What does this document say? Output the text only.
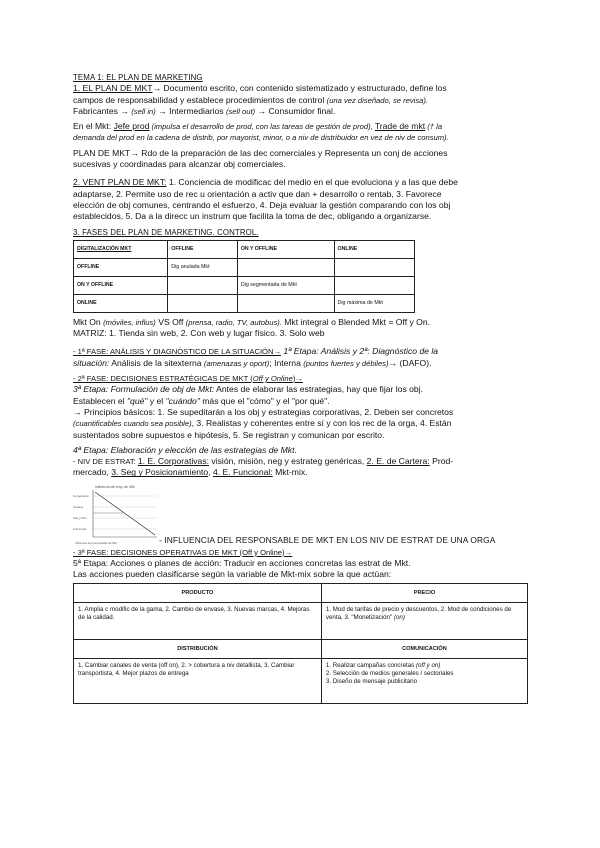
TEMA 1: EL PLAN DE MARKETING

1. EL PLAN DE MKT→ Documento escrito, con contenido sistematizado y estructurado, define los

campos de responsabilidad y establece procedimientos de control (una vez diseñado, se revisa).

Fabricantes → (sell in) → Intermediarios (sell out) → Consumidor final.

En el Mkt: Jefe prod (impulsa el desarrollo de prod, con las tareas de gestión de prod), Trade de mkt († la

demanda del prod en la cadena de distrib, por mayorist, minor, o a niv de distribuidor en vez de niv de consum).

PLAN DE MKT→ Rdo de la preparación de las dec comerciales y Representa un conj de acciones

sucesivas y coordinadas para alcanzar obj comerciales.

2. VENT PLAN DE MKT: 1. Conciencia de modificac del medio en el que evoluciona y a las que debe

adaptarse, 2. Permite uso de rec u orientación a activ que dan + desarrollo o rentab, 3. Favorece

elección de obj comunes, centrando el esfuerzo, 4. Deja evaluar la gestión comparando con los obj

establecidos, 5. Da a la direcc un instrum que facilita la toma de dec, obligando a organizarse.

3. FASES DEL PLAN DE MARKETING. CONTROL.

DIGITALIZACIÓN MKT	OFFLINE	ON Y OFFLINE	ONLINE
OFFLINE	Dig anulada Mkt		
ON Y OFFLINE		Dig segmentada de Mkt	
ONLINE			Dig máxima de Mkt

Mkt On (móviles, influs) VS Off (prensa, radio, TV, autobus). Mkt integral o Blended Mkt = Off y On.

MATRIZ: 1. Tienda sin web, 2. Con web y lugar físico. 3. Solo web

- 1ª FASE: ANÁLISIS Y DIAGNÓSTICO DE LA SITUACIÓN→ 1ª Etapa: Análisis y 2ª: Diagnóstico de la

situación: Análisis de la sitexterna (amenazas y oport); Interna (puntos fuertes y débiles)→ (DAFO).

- 2ª FASE: DECISIONES ESTRATÉGICAS DE MKT (Off y Online)→

3ª Etapa: Formulación de obj de Mkt: Antes de elaborar las estrategias, hay que fijar los obj.

Establecen el "qué" y el "cuándo" más que el "cómo" y el "por qué".

→ Principios básicos: 1. Se supeditarán a los obj y estrategias corporativas, 2. Deben ser concretos

(cuantificables cuando sea posible), 3. Realistas y coherentes entre sí y con los rec de la orga, 4. Están

sustentados sobre supuestos e hipótesis, 5. Se registran y comunican por escrito.

4ª Etapa: Elaboración y elección de las estrategias de Mkt.

- NIV DE ESTRAT: 1. E. Corporativas: visión, misión, neg y estrateg genéricas, 2. E. de Cartera: Prod-

mercado, 3. Seg y Posicionamiento, 4. E. Funcional: Mkt-mix.

Influencia del resp. de Mkt
Corporativa
Cartera
Seg y Pos
Funcional
Influencia del responsable de Mkt	- INFLUENCIA DEL RESPONSABLE DE MKT EN LOS NIV DE ESTRAT DE UNA ORGA

- 3ª FASE: DECISIONES OPERATIVAS DE MKT (Off y Online)→

5ª Etapa: Acciones o planes de acción: Traducir en acciones concretas las estrat de Mkt.

Las acciones pueden clasificarse según la variable de Mkt-mix sobre la que actúan:

PRODUCTO	PRECIO
1. Amplia c modific de la gama, 2. Cambio de envase, 3. Nuevas marcas, 4. Mejoras de la calidad.	1. Mod de tarifas de precio y descuentos, 2. Mod de condiciones de venta, 3. "Monetización" (on)
DISTRIBUCIÓN	COMUNICACIÓN
1. Cambiar canales de venta (off on), 2. > cobertura a niv detallista, 3. Cambiar transportista, 4. Mejor plazos de entrega	1. Realizar campañas concretas (off y on)
2. Selección de medios generales / sectoriales
3. Diseño de mensaje publicitario
